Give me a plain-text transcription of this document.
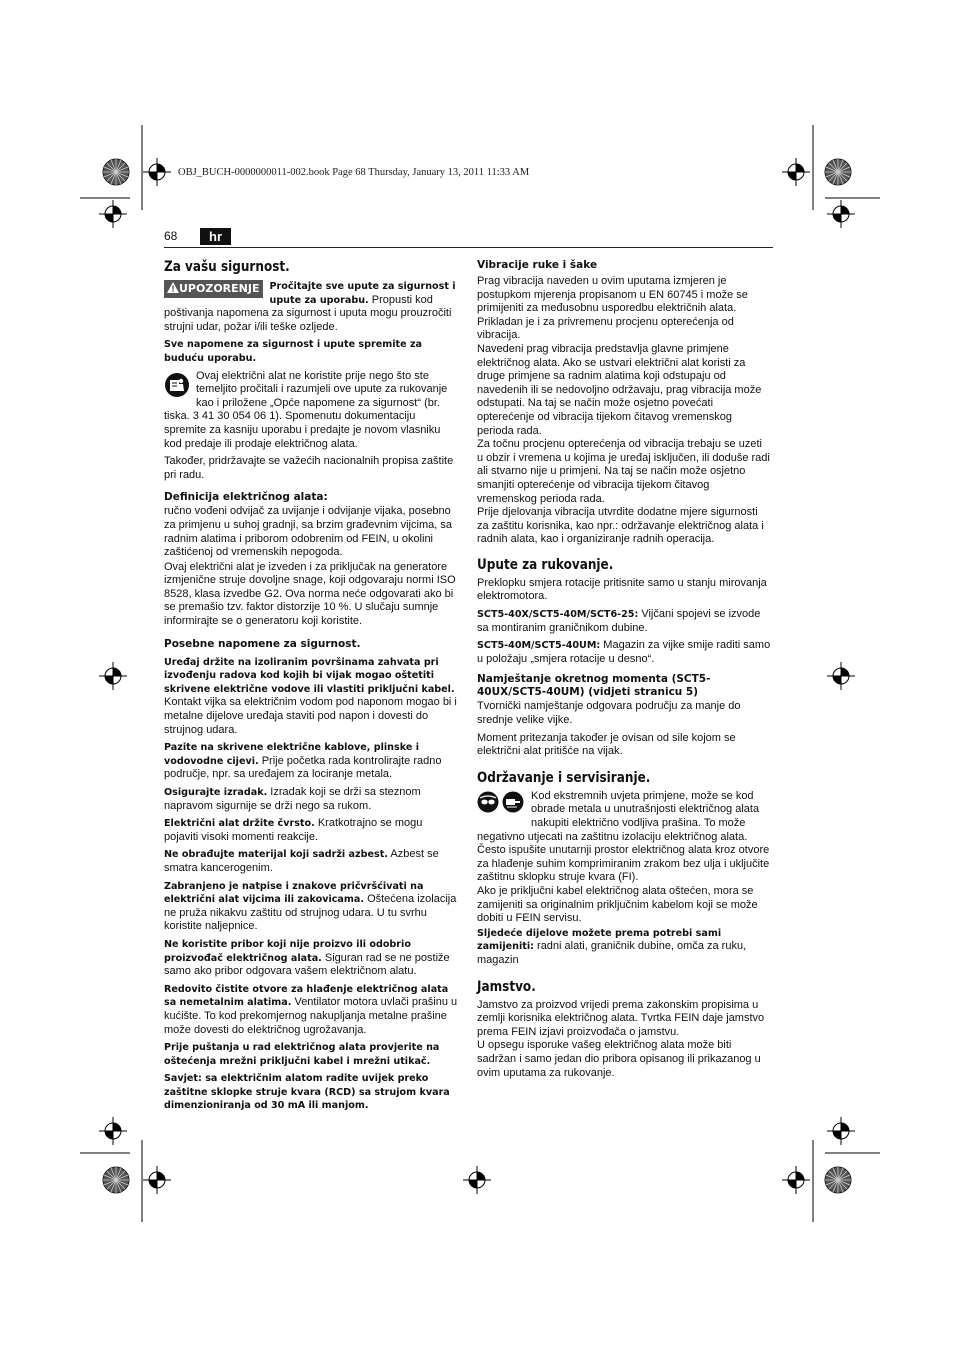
OBJ_BUCH-0000000011-002.book Page 68 Thursday, January 13, 2011 11:33 AM
68	hr
Za vašu sigurnost.

UPOZORENJE	Pročitajte sve upute za sigurnost i upute za uporabu. Propusti kod poštivanja napomena za sigurnost i uputa mogu prouzročiti strujni udar, požar i/ili teške ozljede.

Sve napomene za sigurnost i upute spremite za buduću uporabu.

Ovaj električni alat ne koristite prije nego što ste temeljito pročitali i razumjeli ove upute za rukovanje kao i priložene „Opće napomene za sigurnost“ (br. tiska. 3 41 30 054 06 1). Spomenutu dokumentaciju spremite za kasniju uporabu i predajte je novom vlasniku kod predaje ili prodaje električnog alata.

Također, pridržavajte se važećih nacionalnih propisa zaštite pri radu.

Definicija električnog alata:

ručno vođeni odvijač za uvijanje i odvijanje vijaka, posebno za primjenu u suhoj gradnji, sa brzim građevnim vijcima, sa radnim alatima i priborom odobrenim od FEIN, u okolini zaštićenoj od vremenskih nepogoda.

Ovaj električni alat je izveden i za priključak na generatore izmjenične struje dovoljne snage, koji odgovaraju normi ISO 8528, klasa izvedbe G2. Ova norma neće odgovarati ako bi se premašio tzv. faktor distorzije 10 %. U slučaju sumnje informirajte se o generatoru koji koristite.

Posebne napomene za sigurnost.

Uređaj držite na izoliranim površinama zahvata pri izvođenju radova kod kojih bi vijak mogao oštetiti skrivene električne vodove ili vlastiti priključni kabel. Kontakt vijka sa električnim vodom pod naponom mogao bi i metalne dijelove uređaja staviti pod napon i dovesti do strujnog udara.

Pazite na skrivene električne kablove, plinske i vodovodne cijevi. Prije početka rada kontrolirajte radno područje, npr. sa uređajem za lociranje metala.

Osigurajte izradak. Izradak koji se drži sa steznom napravom sigurnije se drži nego sa rukom.

Električni alat držite čvrsto. Kratkotrajno se mogu pojaviti visoki momenti reakcije.

Ne obrađujte materijal koji sadrži azbest. Azbest se smatra kancerogenim.

Zabranjeno je natpise i znakove pričvršćivati na električni alat vijcima ili zakovicama. Oštećena izolacija ne pruža nikakvu zaštitu od strujnog udara. U tu svrhu koristite naljepnice.

Ne koristite pribor koji nije proizvo ili odobrio proizvođač električnog alata. Siguran rad se ne postiže samo ako pribor odgovara vašem električnom alatu.

Redovito čistite otvore za hlađenje električnog alata sa nemetalnim alatima. Ventilator motora uvlači prašinu u kućište. To kod prekomjernog nakupljanja metalne prašine može dovesti do električnog ugrožavanja.

Prije puštanja u rad električnog alata provjerite na oštećenja mrežni priključni kabel i mrežni utikač.

Savjet: sa električnim alatom radite uvijek preko zaštitne sklopke struje kvara (RCD) sa strujom kvara dimenzioniranja od 30 mA ili manjom.

Vibracije ruke i šake

Prag vibracija naveden u ovim uputama izmjeren je postupkom mjerenja propisanom u EN 60745 i može se primijeniti za međusobnu usporedbu električnih alata. Prikladan je i za privremenu procjenu opterećenja od vibracija.

Navedeni prag vibracija predstavlja glavne primjene električnog alata. Ako se ustvari električni alat koristi za druge primjene sa radnim alatima koji odstupaju od navedenih ili se nedovoljno održavaju, prag vibracija može odstupati. Na taj se način može osjetno povećati opterećenje od vibracija tijekom čitavog vremenskog perioda rada.

Za točnu procjenu opterećenja od vibracija trebaju se uzeti u obzir i vremena u kojima je uređaj isključen, ili doduše radi ali stvarno nije u primjeni. Na taj se način može osjetno smanjiti opterećenje od vibracija tijekom čitavog vremenskog perioda rada.

Prije djelovanja vibracija utvrdite dodatne mjere sigurnosti za zaštitu korisnika, kao npr.: održavanje električnog alata i radnih alata, kao i organiziranje radnih operacija.

Upute za rukovanje.

Preklopku smjera rotacije pritisnite samo u stanju mirovanja elektromotora.

SCT5-40X/SCT5-40M/SCT6-25: Vijčani spojevi se izvode sa montiranim graničnikom dubine.

SCT5-40M/SCT5-40UM: Magazin za vijke smije raditi samo u položaju „smjera rotacije u desno“.

Namještanje okretnog momenta (SCT5-40UX/SCT5-40UM) (vidjeti stranicu 5)

Tvornički namještanje odgovara području za manje do srednje velike vijke.

Moment pritezanja također je ovisan od sile kojom se električni alat pritišće na vijak.

Održavanje i servisiranje.

Kod ekstremnih uvjeta primjene, može se kod obrade metala u unutrašnjosti električnog alata nakupiti električno vodljiva prašina. To može negativno utjecati na zaštitnu izolaciju električnog alata. Često ispušite unutarnji prostor električnog alata kroz otvore za hlađenje suhim komprimiranim zrakom bez ulja i uključite zaštitnu sklopku struje kvara (FI).

Ako je priključni kabel električnog alata oštećen, mora se zamijeniti sa originalnim priključnim kabelom koji se može dobiti u FEIN servisu.

Sljedeće dijelove možete prema potrebi sami zamijeniti: radni alati, graničnik dubine, omča za ruku, magazin

Jamstvo.

Jamstvo za proizvod vrijedi prema zakonskim propisima u zemlji korisnika električnog alata. Tvrtka FEIN daje jamstvo prema FEIN izjavi proizvođača o jamstvu.

U opsegu isporuke vašeg električnog alata može biti sadržan i samo jedan dio pribora opisanog ili prikazanog u ovim uputama za rukovanje.
